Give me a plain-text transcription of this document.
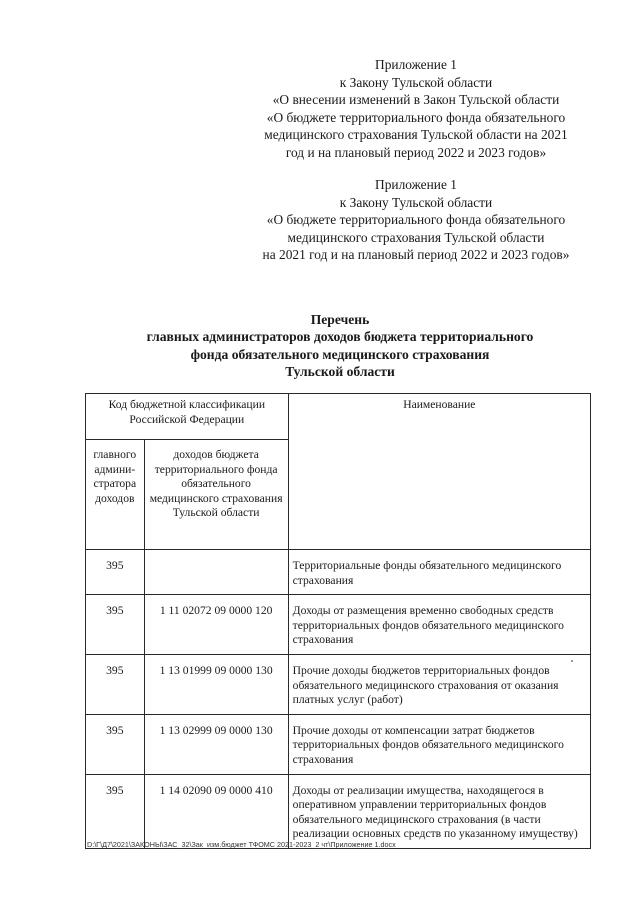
Приложение 1
к Закону Тульской области
«О внесении изменений в Закон Тульской области
«О бюджете территориального фонда обязательного
медицинского страхования Тульской области на 2021
год и на плановый период 2022 и 2023 годов»
Приложение 1
к Закону Тульской области
«О бюджете территориального фонда обязательного
медицинского страхования Тульской области
на 2021 год и на плановый период 2022 и 2023 годов»
Перечень
главных администраторов доходов бюджета территориального
фонда обязательного медицинского страхования
Тульской области
Код бюджетной классификации Российской Федерации		Наименование
главного админи-стратора доходов	доходов бюджета территориального фонда обязательного медицинского страхования Тульской области	
395		Территориальные фонды обязательного медицинского страхования
395	1 11 02072 09 0000 120	Доходы от размещения временно свободных средств территориальных фондов обязательного медицинского страхования
395	1 13 01999 09 0000 130	Прочие доходы бюджетов территориальных фондов обязательного медицинского страхования от оказания платных услуг (работ)
395	1 13 02999 09 0000 130	Прочие доходы от компенсации затрат бюджетов территориальных фондов обязательного медицинского страхования
395	1 14 02090 09 0000 410	Доходы от реализации имущества, находящегося в оперативном управлении территориальных фондов обязательного медицинского страхования (в части реализации основных средств по указанному имуществу)
D:\Г\Д7\2021\ЗАКОНЫ\ЗАС_32\Зак_изм.бюджет ТФОМС 2021-2023_2 чт\Приложение 1.docx
